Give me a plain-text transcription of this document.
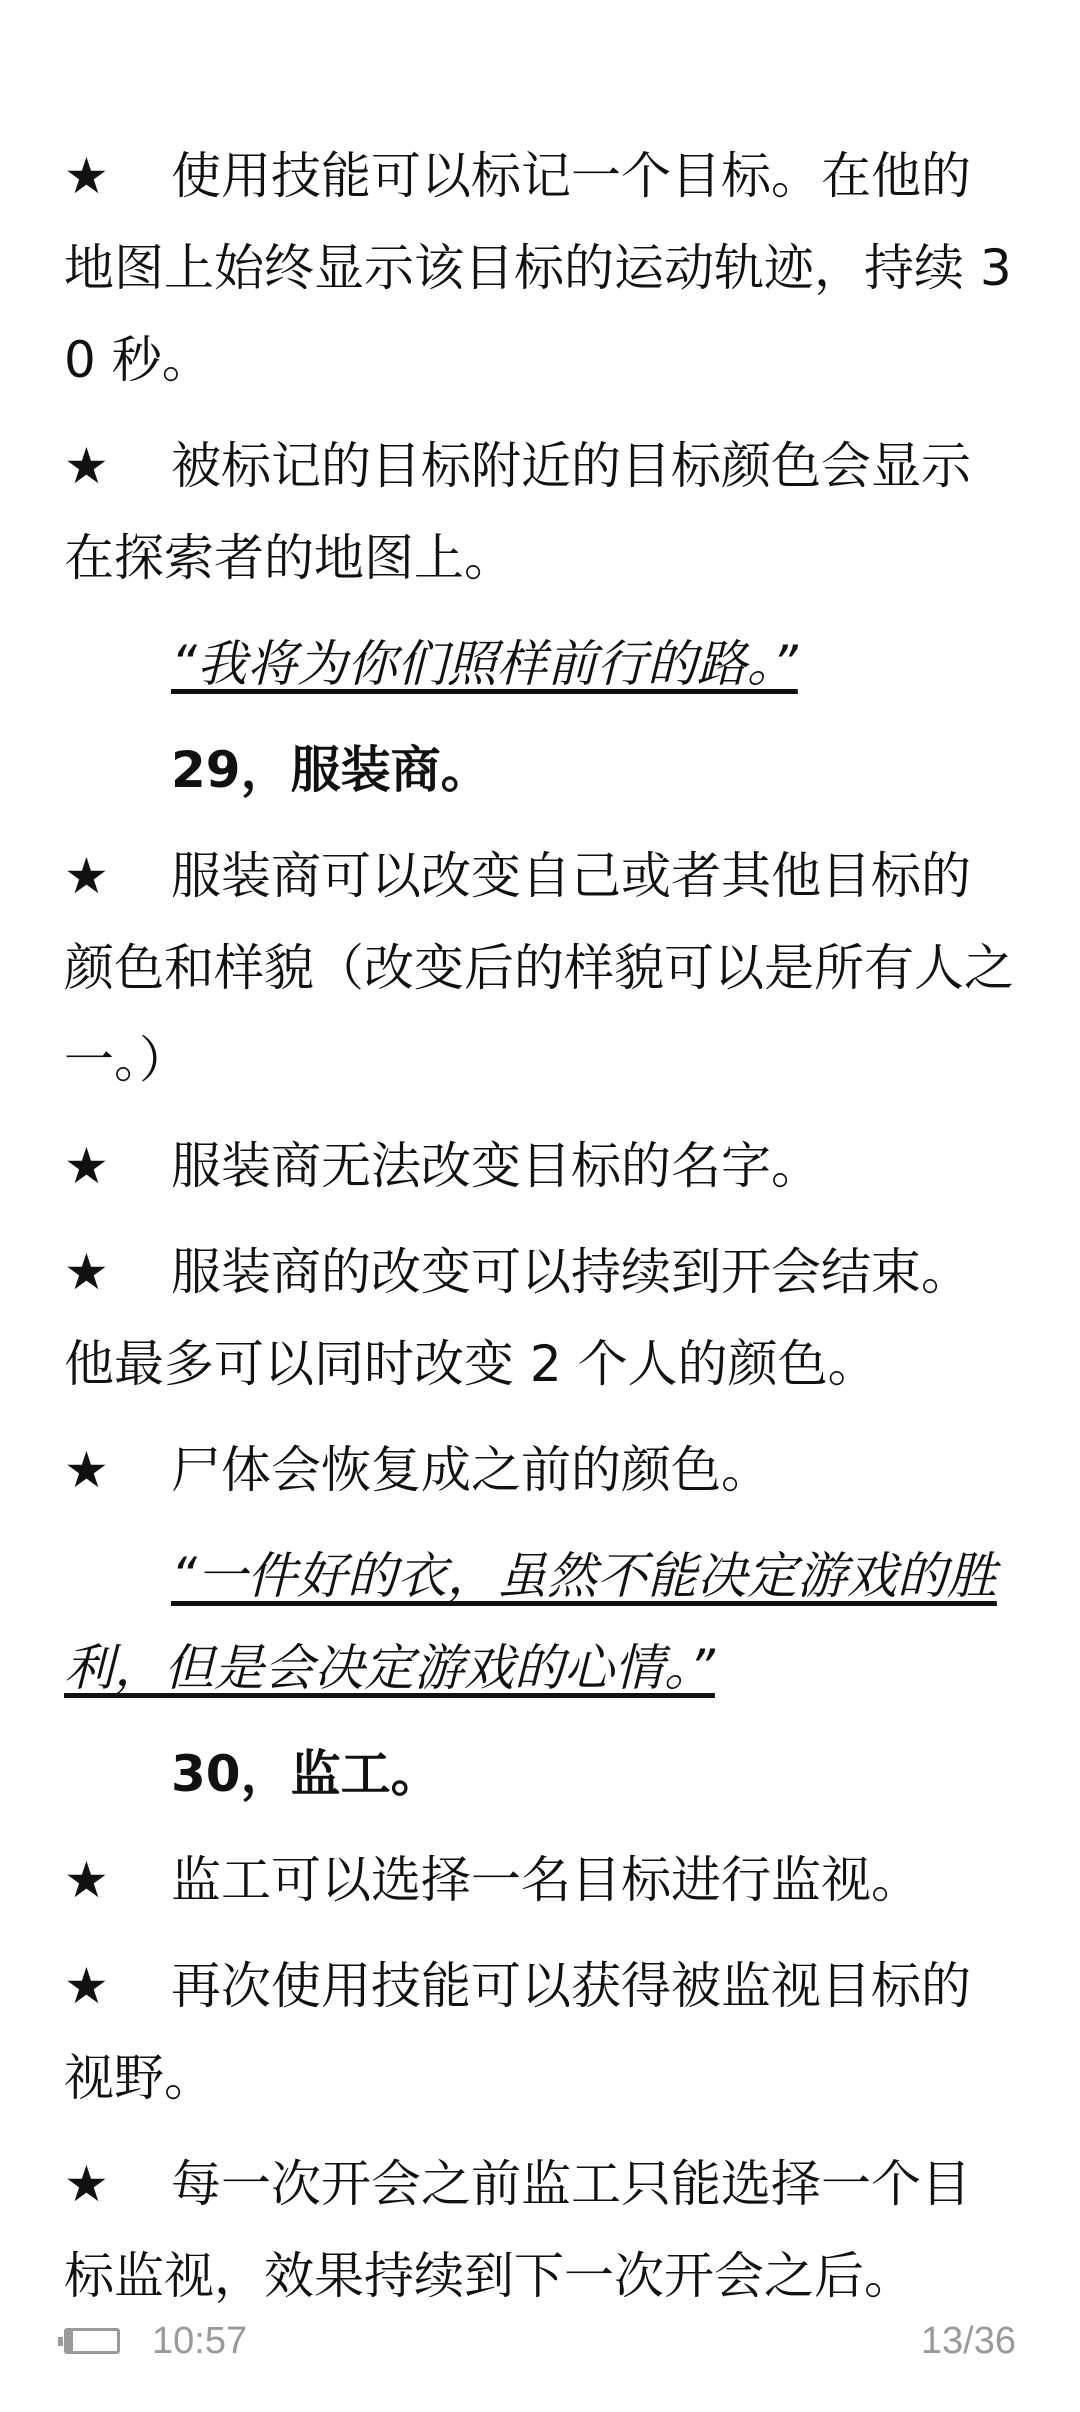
★ 使用技能可以标记一个目标。在他的地图上始终显示该目标的运动轨迹，持续 30 秒。

★ 被标记的目标附近的目标颜色会显示在探索者的地图上。

“我将为你们照样前行的路。”

29，服装商。

★ 服装商可以改变自己或者其他目标的颜色和样貌（改变后的样貌可以是所有人之一。）

★ 服装商无法改变目标的名字。

★ 服装商的改变可以持续到开会结束。他最多可以同时改变 2 个人的颜色。

★ 尸体会恢复成之前的颜色。

“一件好的衣，虽然不能决定游戏的胜利，但是会决定游戏的心情。”

30，监工。

★ 监工可以选择一名目标进行监视。

★ 再次使用技能可以获得被监视目标的视野。

★ 每一次开会之前监工只能选择一个目标监视，效果持续到下一次开会之后。

10:57	13/36
